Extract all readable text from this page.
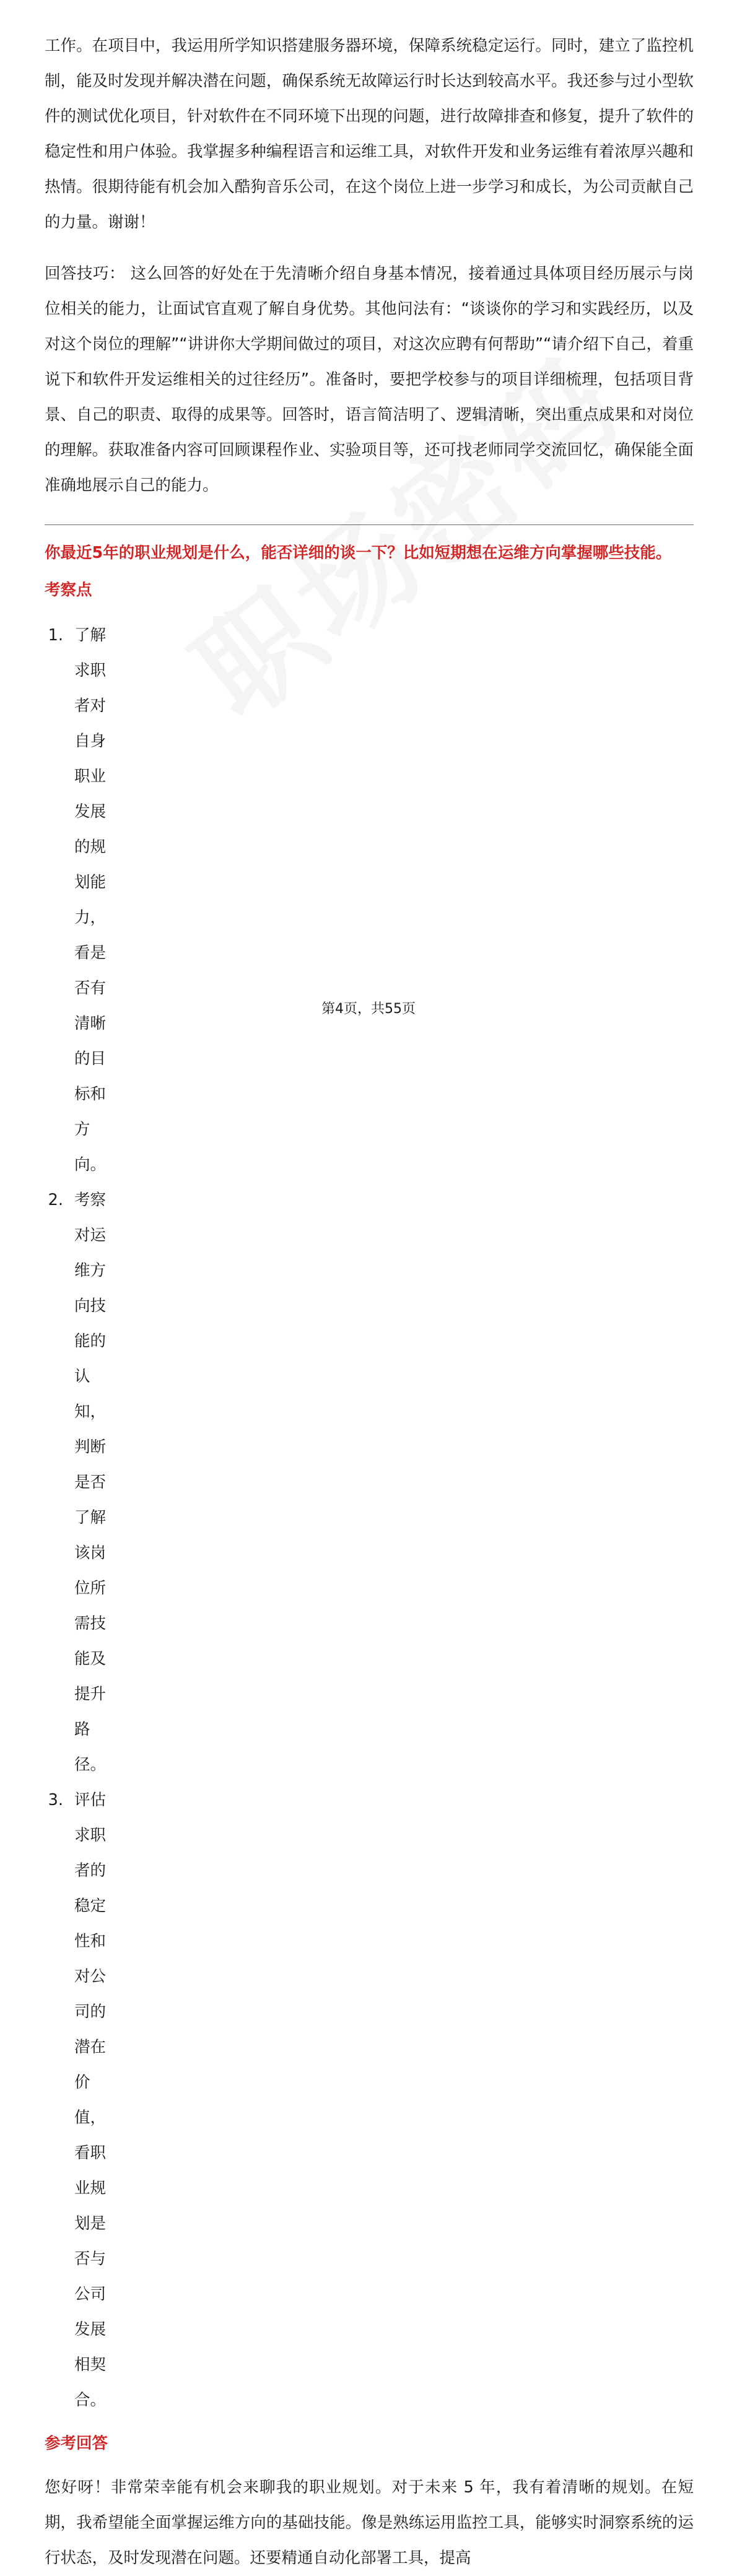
工作。在项目中，我运用所学知识搭建服务器环境，保障系统稳定运行。同时，建立了监控机制，能及时发现并解决潜在问题，确保系统无故障运行时长达到较高水平。我还参与过小型软件的测试优化项目，针对软件在不同环境下出现的问题，进行故障排查和修复，提升了软件的稳定性和用户体验。我掌握多种编程语言和运维工具，对软件开发和业务运维有着浓厚兴趣和热情。很期待能有机会加入酷狗音乐公司，在这个岗位上进一步学习和成长，为公司贡献自己的力量。谢谢！

回答技巧： 这么回答的好处在于先清晰介绍自身基本情况，接着通过具体项目经历展示与岗位相关的能力，让面试官直观了解自身优势。其他问法有：“谈谈你的学习和实践经历，以及对这个岗位的理解”“讲讲你大学期间做过的项目，对这次应聘有何帮助”“请介绍下自己，着重说下和软件开发运维相关的过往经历”。准备时，要把学校参与的项目详细梳理，包括项目背景、自己的职责、取得的成果等。回答时，语言简洁明了、逻辑清晰，突出重点成果和对岗位的理解。获取准备内容可回顾课程作业、实验项目等，还可找老师同学交流回忆，确保能全面准确地展示自己的能力。

你最近5年的职业规划是什么，能否详细的谈一下？比如短期想在运维方向掌握哪些技能。
考察点
1. 了解求职者对自身职业发展的规划能力，看是否有清晰的目标和方向。
2. 考察对运维方向技能的认知，判断是否了解该岗位所需技能及提升路径。
3. 评估求职者的稳定性和对公司的潜在价值，看职业规划是否与公司发展相契合。
参考回答

您好呀！非常荣幸能有机会来聊我的职业规划。对于未来 5 年，我有着清晰的规划。在短期，我希望能全面掌握运维方向的基础技能。像是熟练运用监控工具，能够实时洞察系统的运行状态，及时发现潜在问题。还要精通自动化部署工具，提高

第4页，共55页
